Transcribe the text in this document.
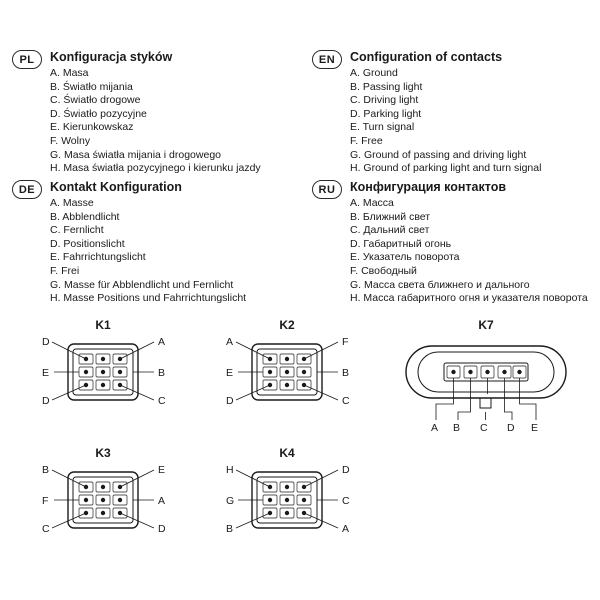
PL	Konfiguracja styków
A. Masa
B. Światło mijania
C. Światło drogowe
D. Światło pozycyjne
E. Kierunkowskaz
F. Wolny
G. Masa światła mijania i drogowego
H. Masa światła pozycyjnego i kierunku jazdy
EN	Configuration of contacts
A. Ground
B. Passing light
C. Driving light
D. Parking light
E. Turn signal
F. Free
G. Ground of passing and driving light
H. Ground of parking light and turn signal
DE	Kontakt Konfiguration
A. Masse
B. Abblendlicht
C. Fernlicht
D. Positionslicht
E. Fahrrichtungslicht
F. Frei
G. Masse für Abblendlicht und Fernlicht
H. Masse Positions und Fahrrichtungslicht
RU	Конфигурация контактов
A. Масса
B. Ближний свет
C. Дальний свет
D. Габаритный огонь
E. Указатель поворота
F. Свободный
G. Масса света ближнего и дального
H. Масса габаритного огня и указателя поворота
K1
D
E
D
A
B
C
K2
A
E
D
F
B
C
K3
B
F
C
E
A
D
K4
H
G
B
D
C
A
K7
A B C D E
